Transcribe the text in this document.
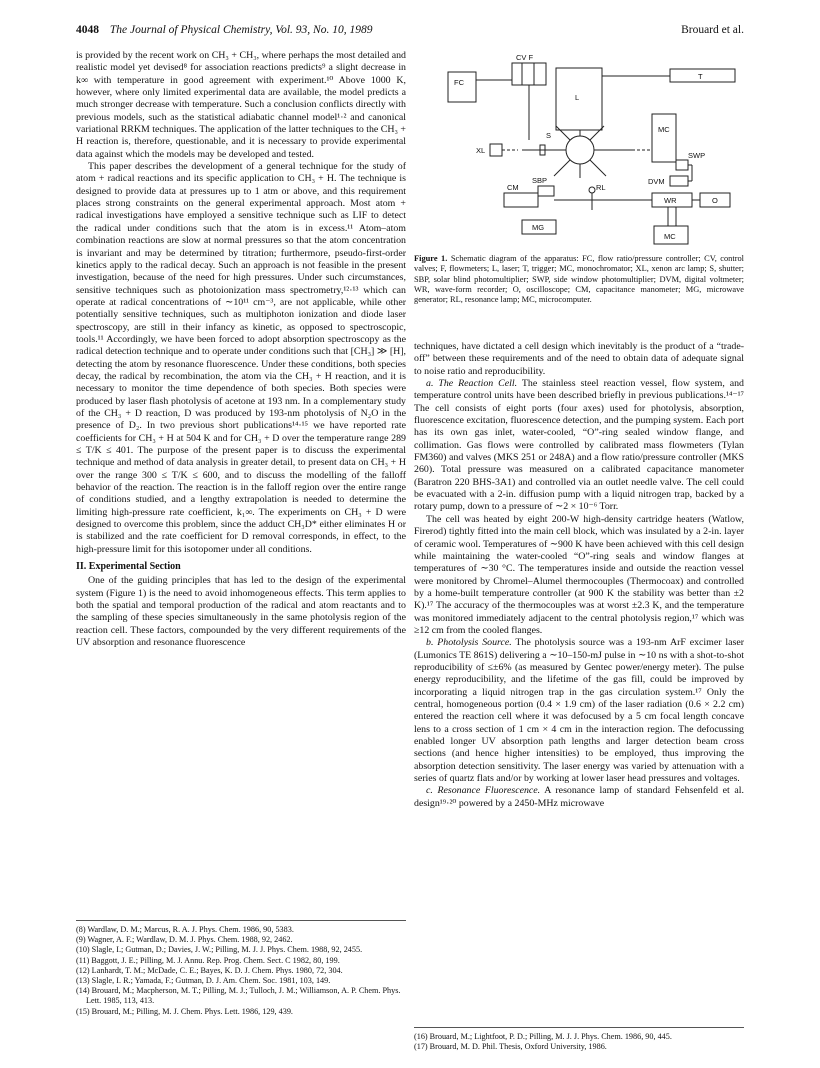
4048 The Journal of Physical Chemistry, Vol. 93, No. 10, 1989	Brouard et al.

is provided by the recent work on CH₃ + CH₃, where perhaps the most detailed and realistic model yet devised⁸ for association reactions predicts⁹ a slight decrease in k∞ with temperature in good agreement with experiment.¹⁰ Above 1000 K, however, where only limited experimental data are available, the model predicts a much stronger decrease with temperature. Such a conclusion conflicts directly with previous models, such as the statistical adiabatic channel model¹·² and canonical variational RRKM techniques. The application of the latter techniques to the CH₃ + H reaction is, therefore, questionable, and it is necessary to provide experimental data against which the models may be developed and tested.

This paper describes the development of a general technique for the study of atom + radical reactions and its specific application to CH₃ + H. The technique is designed to provide data at pressures up to 1 atm or above, and this requirement places strong constraints on the general experimental approach. Most atom + radical investigations have employed a sensitive technique such as LIF to detect the radical under conditions such that the atom is in excess.¹¹ Atom–atom combination reactions are slow at normal pressures so that the atom concentration is invariant and may be determined by titration; furthermore, pseudo-first-order kinetics apply to the radical decay. Such an approach is not feasible in the present investigation, because of the need for high pressures. Under such circumstances, sensitive techniques such as photoionization mass spectrometry,¹²·¹³ which can operate at radical concentrations of ∼10¹¹ cm⁻³, are not applicable, while other potentially sensitive techniques, such as multiphoton ionization and diode laser spectroscopy, are still in their infancy as kinetic, as opposed to spectroscopic, tools.¹¹ Accordingly, we have been forced to adopt absorption spectroscopy as the radical detection technique and to operate under conditions such that [CH₃] ≫ [H], detecting the atom by resonance fluorescence. Under these conditions, both species decay, the radical by recombination, the atom via the CH₃ + H reaction, and it is necessary to monitor the time dependence of both species. Both species were produced by laser flash photolysis of acetone at 193 nm. In a complementary study of the CH₃ + D reaction, D was produced by 193-nm photolysis of N₂O in the presence of D₂. In two previous short publications¹⁴·¹⁵ we have reported rate coefficients for CH₃ + H at 504 K and for CH₃ + D over the temperature range 289 ≤ T/K ≤ 401. The purpose of the present paper is to discuss the experimental technique and method of data analysis in greater detail, to present data on CH₃ + H over the range 300 ≤ T/K ≤ 600, and to discuss the modelling of the falloff behavior of the reaction. The reaction is in the falloff region over the entire range of conditions studied, and a lengthy extrapolation is needed to determine the limiting high-pressure rate coefficient, k₁∞. The experiments on CH₃ + D were designed to overcome this problem, since the adduct CH₃D* either eliminates H or is stabilized and the rate coefficient for D removal corresponds, in effect, to the high-pressure limit for this isotopomer under all conditions.

II. Experimental Section

One of the guiding principles that has led to the design of the experimental system (Figure 1) is the need to avoid inhomogeneous effects. This term applies to both the spatial and temporal production of the radical and atom reactants and to the sampling of these species simultaneously in the same photolysis region of the reaction cell. These factors, compounded by the very different requirements of the UV absorption and resonance fluorescence

(8) Wardlaw, D. M.; Marcus, R. A. J. Phys. Chem. 1986, 90, 5383.

(9) Wagner, A. F.; Wardlaw, D. M. J. Phys. Chem. 1988, 92, 2462.

(10) Slagle, I.; Gutman, D.; Davies, J. W.; Pilling, M. J. J. Phys. Chem. 1988, 92, 2455.

(11) Baggott, J. E.; Pilling, M. J. Annu. Rep. Prog. Chem. Sect. C 1982, 80, 199.

(12) Lanhardt, T. M.; McDade, C. E.; Bayes, K. D. J. Chem. Phys. 1980, 72, 304.

(13) Slagle, I. R.; Yamada, F.; Gutman, D. J. Am. Chem. Soc. 1981, 103, 149.

(14) Brouard, M.; Macpherson, M. T.; Pilling, M. J.; Tulloch, J. M.; Williamson, A. P. Chem. Phys. Lett. 1985, 113, 413.

(15) Brouard, M.; Pilling, M. J. Chem. Phys. Lett. 1986, 129, 439.

FC
CV F
L
T
MC
S
XL
SWP
DVM
SBP
CM	RL
WR	O
MG
MC
Figure 1. Schematic diagram of the apparatus: FC, flow ratio/pressure controller; CV, control valves; F, flowmeters; L, laser; T, trigger; MC, monochromator; XL, xenon arc lamp; S, shutter; SBP, solar blind photomultiplier; SWP, side window photomultiplier; DVM, digital voltmeter; WR, wave-form recorder; O, oscilloscope; CM, capacitance manometer; MG, microwave generator; RL, resonance lamp; MC, microcomputer.

techniques, have dictated a cell design which inevitably is the product of a “trade-off” between these requirements and of the need to obtain data of adequate signal to noise ratio and reproducibility.

a. The Reaction Cell. The stainless steel reaction vessel, flow system, and temperature control units have been described briefly in previous publications.¹⁴⁻¹⁷ The cell consists of eight ports (four axes) used for photolysis, absorption, fluorescence excitation, fluorescence detection, and the pumping system. Each port has its own gas inlet, water-cooled, “O”-ring sealed window flange, and collimation. Gas flows were controlled by calibrated mass flowmeters (Tylan FM360) and valves (MKS 251 or 248A) and a flow ratio/pressure controller (MKS 260). Total pressure was measured on a calibrated capacitance manometer (Baratron 220 BHS-3A1) and controlled via an outlet needle valve. The cell could be evacuated with a 2-in. diffusion pump with a liquid nitrogen trap, backed by a rotary pump, down to a pressure of ∼2 × 10⁻⁶ Torr.

The cell was heated by eight 200-W high-density cartridge heaters (Watlow, Firerod) tightly fitted into the main cell block, which was insulated by a 2-in. layer of ceramic wool. Temperatures of ∼900 K have been achieved with this cell design while maintaining the water-cooled “O”-ring seals and window flanges at temperatures of ∼30 °C. The temperatures inside and outside the reaction vessel were monitored by Chromel–Alumel thermocouples (Thermocoax) and controlled by a home-built temperature controller (at 900 K the stability was better than ±2 K).¹⁷ The accuracy of the thermocouples was at worst ±2.3 K, and the temperature was monitored immediately adjacent to the central photolysis region,¹⁷ which was ≥12 cm from the cooled flanges.

b. Photolysis Source. The photolysis source was a 193-nm ArF excimer laser (Lumonics TE 861S) delivering a ∼10–150-mJ pulse in ∼10 ns with a shot-to-shot reproducibility of ≤±6% (as measured by Gentec power/energy meter). The pulse energy reproducibility, and the lifetime of the gas fill, could be improved by incorporating a liquid nitrogen trap in the gas circulation system.¹⁷ Only the central, homogeneous portion (0.4 × 1.9 cm) of the laser radiation (0.6 × 2.2 cm) entered the reaction cell where it was defocused by a 5 cm focal length concave lens to a cross section of 1 cm × 4 cm in the interaction region. The defocussing enabled longer UV absorption path lengths and larger detection beam cross sections (and hence higher intensities) to be employed, thus improving the absorption detection sensitivity. The laser energy was varied by attenuation with a series of quartz flats and/or by working at lower laser head pressures and voltages.

c. Resonance Fluorescence. A resonance lamp of standard Fehsenfeld et al. design¹⁹·²⁰ powered by a 2450-MHz microwave

(16) Brouard, M.; Lightfoot, P. D.; Pilling, M. J. J. Phys. Chem. 1986, 90, 445.

(17) Brouard, M. D. Phil. Thesis, Oxford University, 1986.
